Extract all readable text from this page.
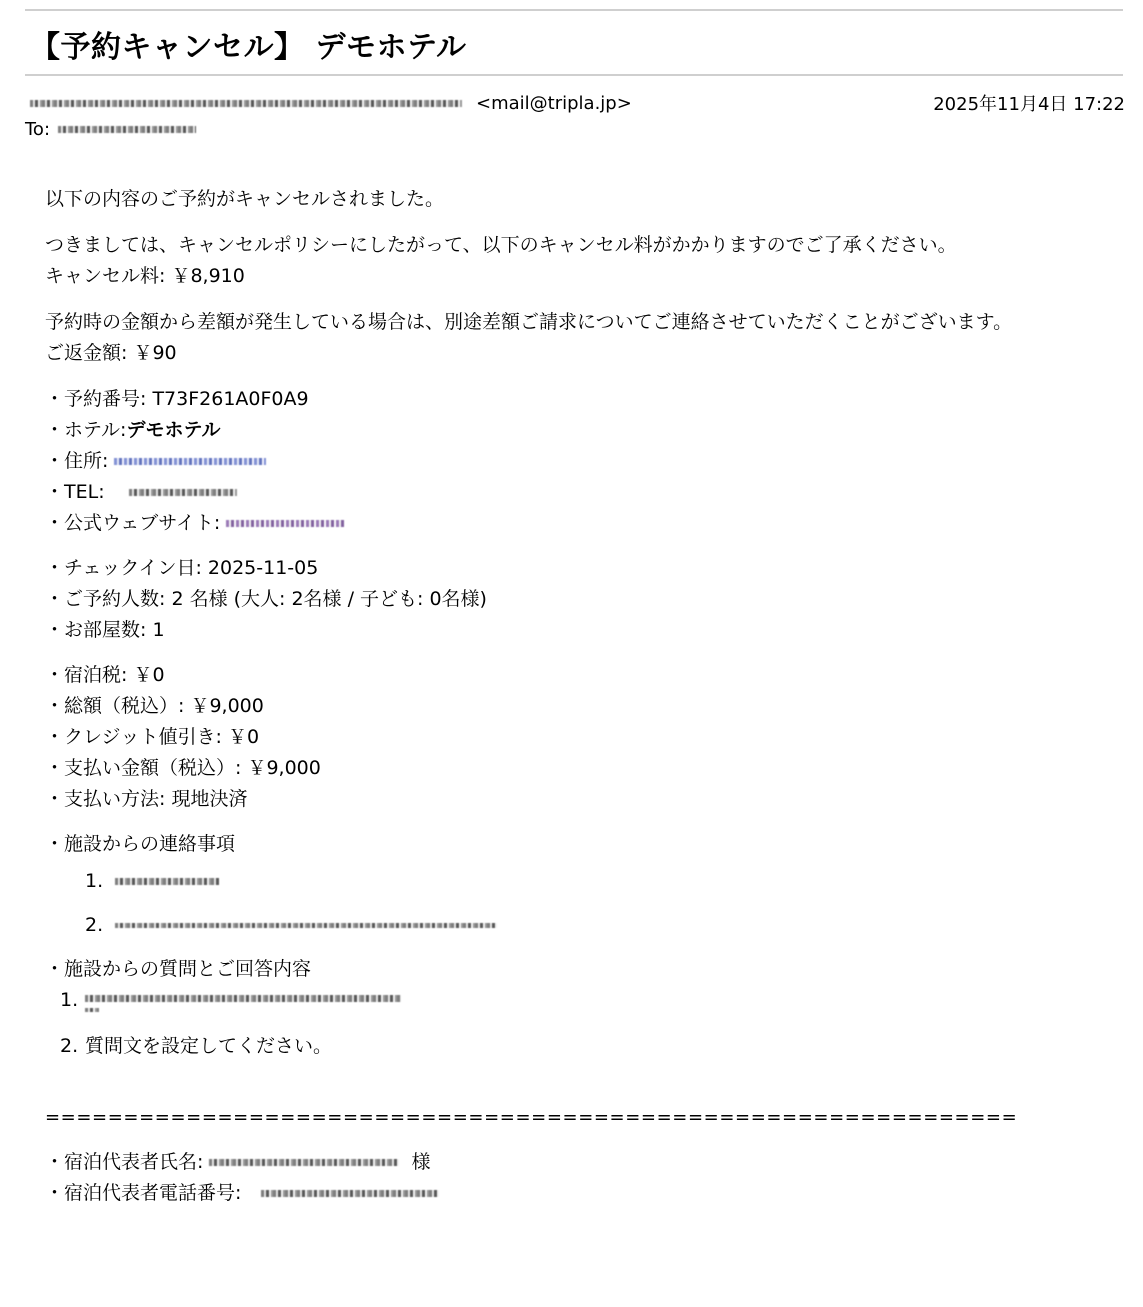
【予約キャンセル】 デモホテル
<mail@tripla.jp>	2025年11月4日 17:22
To:
以下の内容のご予約がキャンセルされました。
つきましては、キャンセルポリシーにしたがって、以下のキャンセル料がかかりますのでご了承ください。
キャンセル料: ￥8,910
予約時の金額から差額が発生している場合は、別途差額ご請求についてご連絡させていただくことがございます。
ご返金額: ￥90
・予約番号: T73F261A0F0A9
・ホテル:デモホテル
・住所:
・TEL:
・公式ウェブサイト:
・チェックイン日: 2025-11-05
・ご予約人数: 2 名様 (大人: 2名様 / 子ども: 0名様)
・お部屋数: 1
・宿泊税: ￥0
・総額（税込）: ￥9,000
・クレジット値引き: ￥0
・支払い金額（税込）: ￥9,000
・支払い方法: 現地決済
・施設からの連絡事項
1.
2.
・施設からの質問とご回答内容
1.
2. 質問文を設定してください。
==============================================================
・宿泊代表者氏名:	様
・宿泊代表者電話番号:
